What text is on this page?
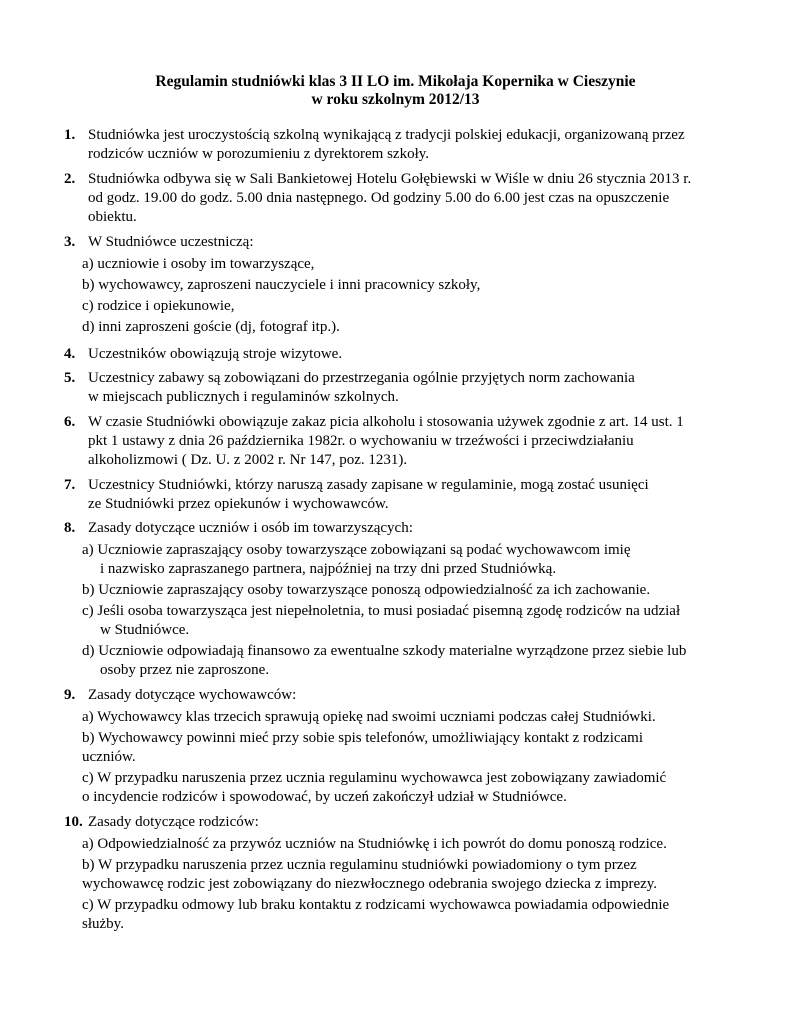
Regulamin studniówki klas 3 II LO im. Mikołaja Kopernika w Cieszynie
w roku szkolnym 2012/13
1. Studniówka jest uroczystością szkolną wynikającą z tradycji polskiej edukacji, organizowaną przez
rodziców uczniów w porozumieniu z dyrektorem szkoły.
2. Studniówka odbywa się w Sali Bankietowej Hotelu Gołębiewski w Wiśle w dniu 26 stycznia 2013 r.
od godz. 19.00 do godz. 5.00 dnia następnego. Od godziny 5.00 do 6.00 jest czas na opuszczenie
obiektu.
3. W Studniówce uczestniczą:
a) uczniowie i osoby im towarzyszące,
b) wychowawcy, zaproszeni nauczyciele i inni pracownicy szkoły,
c) rodzice i opiekunowie,
d) inni zaproszeni goście (dj, fotograf itp.).
4. Uczestników obowiązują stroje wizytowe.
5. Uczestnicy zabawy są zobowiązani do przestrzegania ogólnie przyjętych norm zachowania
w miejscach publicznych i regulaminów szkolnych.
6. W czasie Studniówki obowiązuje zakaz picia alkoholu i stosowania używek zgodnie z art. 14 ust. 1
pkt 1 ustawy z dnia 26 października 1982r. o wychowaniu w trzeźwości i przeciwdziałaniu
alkoholizmowi ( Dz. U. z 2002 r. Nr 147, poz. 1231).
7. Uczestnicy Studniówki, którzy naruszą zasady zapisane w regulaminie, mogą zostać usunięci
ze Studniówki przez opiekunów i wychowawców.
8. Zasady dotyczące uczniów i osób im towarzyszących:
a) Uczniowie zapraszający osoby towarzyszące zobowiązani są podać wychowawcom imię
i nazwisko zapraszanego partnera, najpóźniej na trzy dni przed Studniówką.
b) Uczniowie zapraszający osoby towarzyszące ponoszą odpowiedzialność za ich zachowanie.
c) Jeśli osoba towarzysząca jest niepełnoletnia, to musi posiadać pisemną zgodę rodziców na udział
w Studniówce.
d) Uczniowie odpowiadają finansowo za ewentualne szkody materialne wyrządzone przez siebie lub
osoby przez nie zaproszone.
9. Zasady dotyczące wychowawców:
a) Wychowawcy klas trzecich sprawują opiekę nad swoimi uczniami podczas całej Studniówki.
b) Wychowawcy powinni mieć przy sobie spis telefonów, umożliwiający kontakt z rodzicami
uczniów.
c) W przypadku naruszenia przez ucznia regulaminu wychowawca jest zobowiązany zawiadomić
o incydencie rodziców i spowodować, by uczeń zakończył udział w Studniówce.
10. Zasady dotyczące rodziców:
a) Odpowiedzialność za przywóz uczniów na Studniówkę i ich powrót do domu ponoszą rodzice.
b) W przypadku naruszenia przez ucznia regulaminu studniówki powiadomiony o tym przez
wychowawcę rodzic jest zobowiązany do niezwłocznego odebrania swojego dziecka z imprezy.
c) W przypadku odmowy lub braku kontaktu z rodzicami wychowawca powiadamia odpowiednie
służby.
